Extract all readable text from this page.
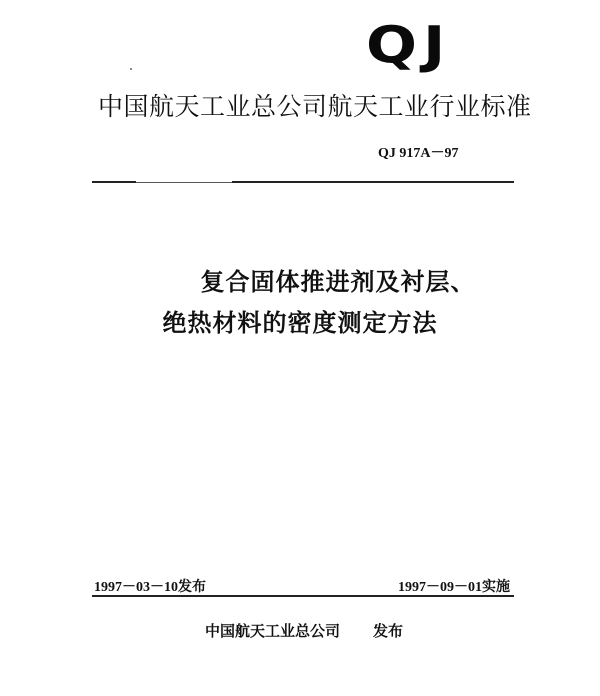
QJ
中国航天工业总公司航天工业行业标准
QJ 917A－97
复合固体推进剂及衬层、
绝热材料的密度测定方法
1997－03－10发布	1997－09－01实施
中国航天工业总公司 发布
